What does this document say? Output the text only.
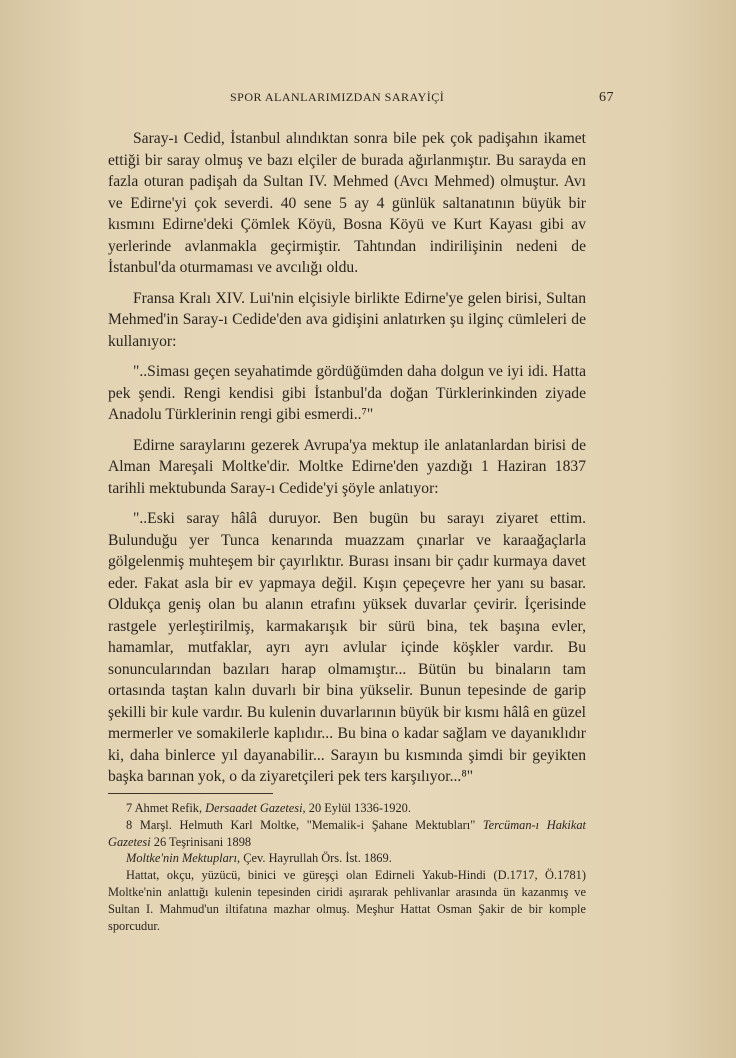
SPOR ALANLARIMIZDAN SARAYİÇİ	67

Saray-ı Cedid, İstanbul alındıktan sonra bile pek çok padişahın ikamet ettiği bir saray olmuş ve bazı elçiler de burada ağırlanmıştır. Bu sarayda en fazla oturan padişah da Sultan IV. Mehmed (Avcı Mehmed) olmuştur. Avı ve Edirne'yi çok severdi. 40 sene 5 ay 4 günlük saltanatının büyük bir kısmını Edirne'deki Çömlek Köyü, Bosna Köyü ve Kurt Kayası gibi av yerlerinde avlanmakla geçirmiştir. Tahtından indirilişinin nedeni de İstanbul'da oturmaması ve avcılığı oldu.

Fransa Kralı XIV. Lui'nin elçisiyle birlikte Edirne'ye gelen birisi, Sultan Mehmed'in Saray-ı Cedide'den ava gidişini anlatırken şu ilginç cümleleri de kullanıyor:

"..Siması geçen seyahatimde gördüğümden daha dolgun ve iyi idi. Hatta pek şendi. Rengi kendisi gibi İstanbul'da doğan Türklerinkinden ziyade Anadolu Türklerinin rengi gibi esmerdi..⁷"

Edirne saraylarını gezerek Avrupa'ya mektup ile anlatanlardan birisi de Alman Mareşali Moltke'dir. Moltke Edirne'den yazdığı 1 Haziran 1837 tarihli mektubunda Saray-ı Cedide'yi şöyle anlatıyor:

"..Eski saray hâlâ duruyor. Ben bugün bu sarayı ziyaret ettim. Bulunduğu yer Tunca kenarında muazzam çınarlar ve karaağaçlarla gölgelenmiş muhteşem bir çayırlıktır. Burası insanı bir çadır kurmaya davet eder. Fakat asla bir ev yapmaya değil. Kışın çepeçevre her yanı su basar. Oldukça geniş olan bu alanın etrafını yüksek duvarlar çevirir. İçerisinde rastgele yerleştirilmiş, karmakarışık bir sürü bina, tek başına evler, hamamlar, mutfaklar, ayrı ayrı avlular içinde köşkler vardır. Bu sonuncularından bazıları harap olmamıştır... Bütün bu binaların tam ortasında taştan kalın duvarlı bir bina yükselir. Bunun tepesinde de garip şekilli bir kule vardır. Bu kulenin duvarlarının büyük bir kısmı hâlâ en güzel mermerler ve somakilerle kaplıdır... Bu bina o kadar sağlam ve dayanıklıdır ki, daha binlerce yıl dayanabilir... Sarayın bu kısmında şimdi bir geyikten başka barınan yok, o da ziyaretçileri pek ters karşılıyor...⁸"

7 Ahmet Refik, Dersaadet Gazetesi, 20 Eylül 1336-1920.

8 Marşl. Helmuth Karl Moltke, "Memalik-i Şahane Mektubları" Tercüman-ı Hakikat Gazetesi 26 Teşrinisani 1898

Moltke'nin Mektupları, Çev. Hayrullah Örs. İst. 1869.

Hattat, okçu, yüzücü, binici ve güreşçi olan Edirneli Yakub-Hindi (D.1717, Ö.1781) Moltke'nin anlattığı kulenin tepesinden ciridi aşırarak pehlivanlar arasında ün kazanmış ve Sultan I. Mahmud'un iltifatına mazhar olmuş. Meşhur Hattat Osman Şakir de bir komple sporcudur.
